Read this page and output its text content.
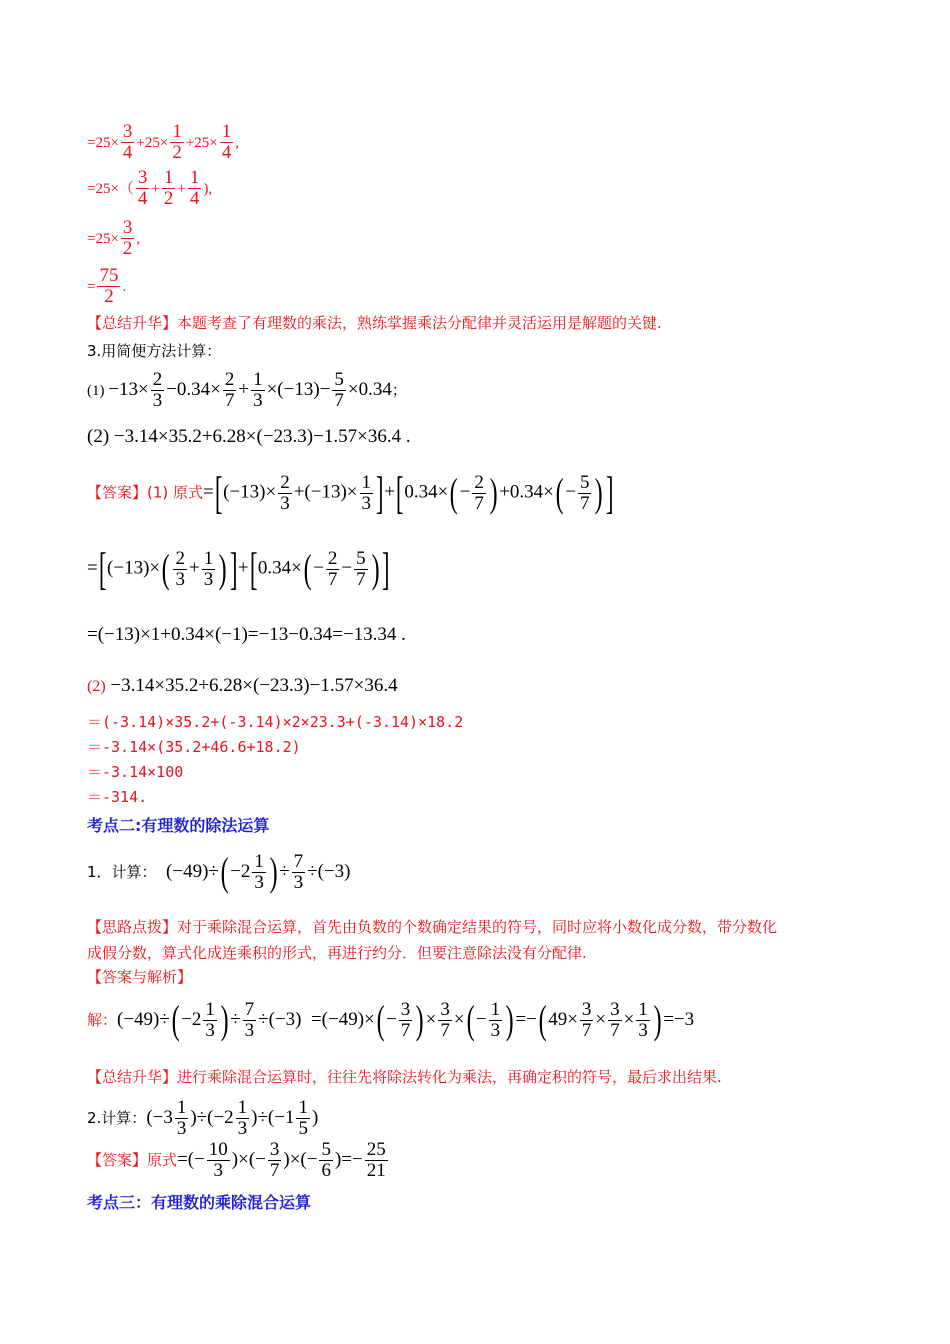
$=25\times \frac{3}{4} +25\times \frac{1}{2} +25\times \frac{1}{4}$ ,
$=25\times( \frac{3}{4} + \frac{1}{2} + \frac{1}{4}$ ),
$=25\times \frac{3}{2}$ ,
= $\frac{75}{2}$ .
【总结升华】本题考查了有理数的乘法，熟练掌握乘法分配律并灵活运用是解题的关键.
3.用简便方法计算：
$(1) -13\times \frac{2}{3} -0.34\times \frac{2}{7} + \frac{1}{3} \times(-13)- \frac{5}{7} \times 0.34$；
(2) −3.14×35.2+6.28×(−23.3)−1.57×36.4 .
【答案】(1) 原式$=[(-13)\times \frac{2}{3} +(-13)\times \frac{1}{3} ]+[0.34\times(- \frac{2}{7} )+0.34\times(- \frac{5}{7}$ )]
$=[(-13)\times( \frac{2}{3} + \frac{1}{3} )]+[0.34\times(- \frac{2}{7} - \frac{5}{7}$ )]
=(−13)×1+0.34×(−1)=−13−0.34=−13.34 .
(2) −3.14×35.2+6.28×(−23.3)−1.57×36.4
＝(-3.14)×35.2+(-3.14)×2×23.3+(-3.14)×18.2
＝-3.14×(35.2+46.6+18.2)
＝-3.14×100
＝-314.
考点二:有理数的除法运算
1．计算：  $(-49)\div(-2 \frac{1}{3}$ )÷ $\frac{7}{3} \div(-3)$
【思路点拨】对于乘除混合运算，首先由负数的个数确定结果的符号，同时应将小数化成分数，带分数化
成假分数，算式化成连乘积的形式，再进行约分．但要注意除法没有分配律.
【答案与解析】
解：$(-49)\div(-2 \frac{1}{3}$ )÷ $\frac{7}{3} \div(-3) =(-49)\times(- \frac{3}{7}$ )× $\frac{3}{7}$ ×(− $\frac{1}{3} )=-(49\times \frac{3}{7} \times \frac{3}{7} \times \frac{1}{3} )=-3$
【总结升华】进行乘除混合运算时，往往先将除法转化为乘法，再确定积的符号，最后求出结果.
2.计算：$(-3 \frac{1}{3} )\div(-2 \frac{1}{3} )\div(-1 \frac{1}{5}$ )
【答案】原式=(− $\frac{10}{3}$ )×(− $\frac{3}{7}$ )×(− $\frac{5}{6}$ )=− $\frac{25}{21}$
考点三：有理数的乘除混合运算
